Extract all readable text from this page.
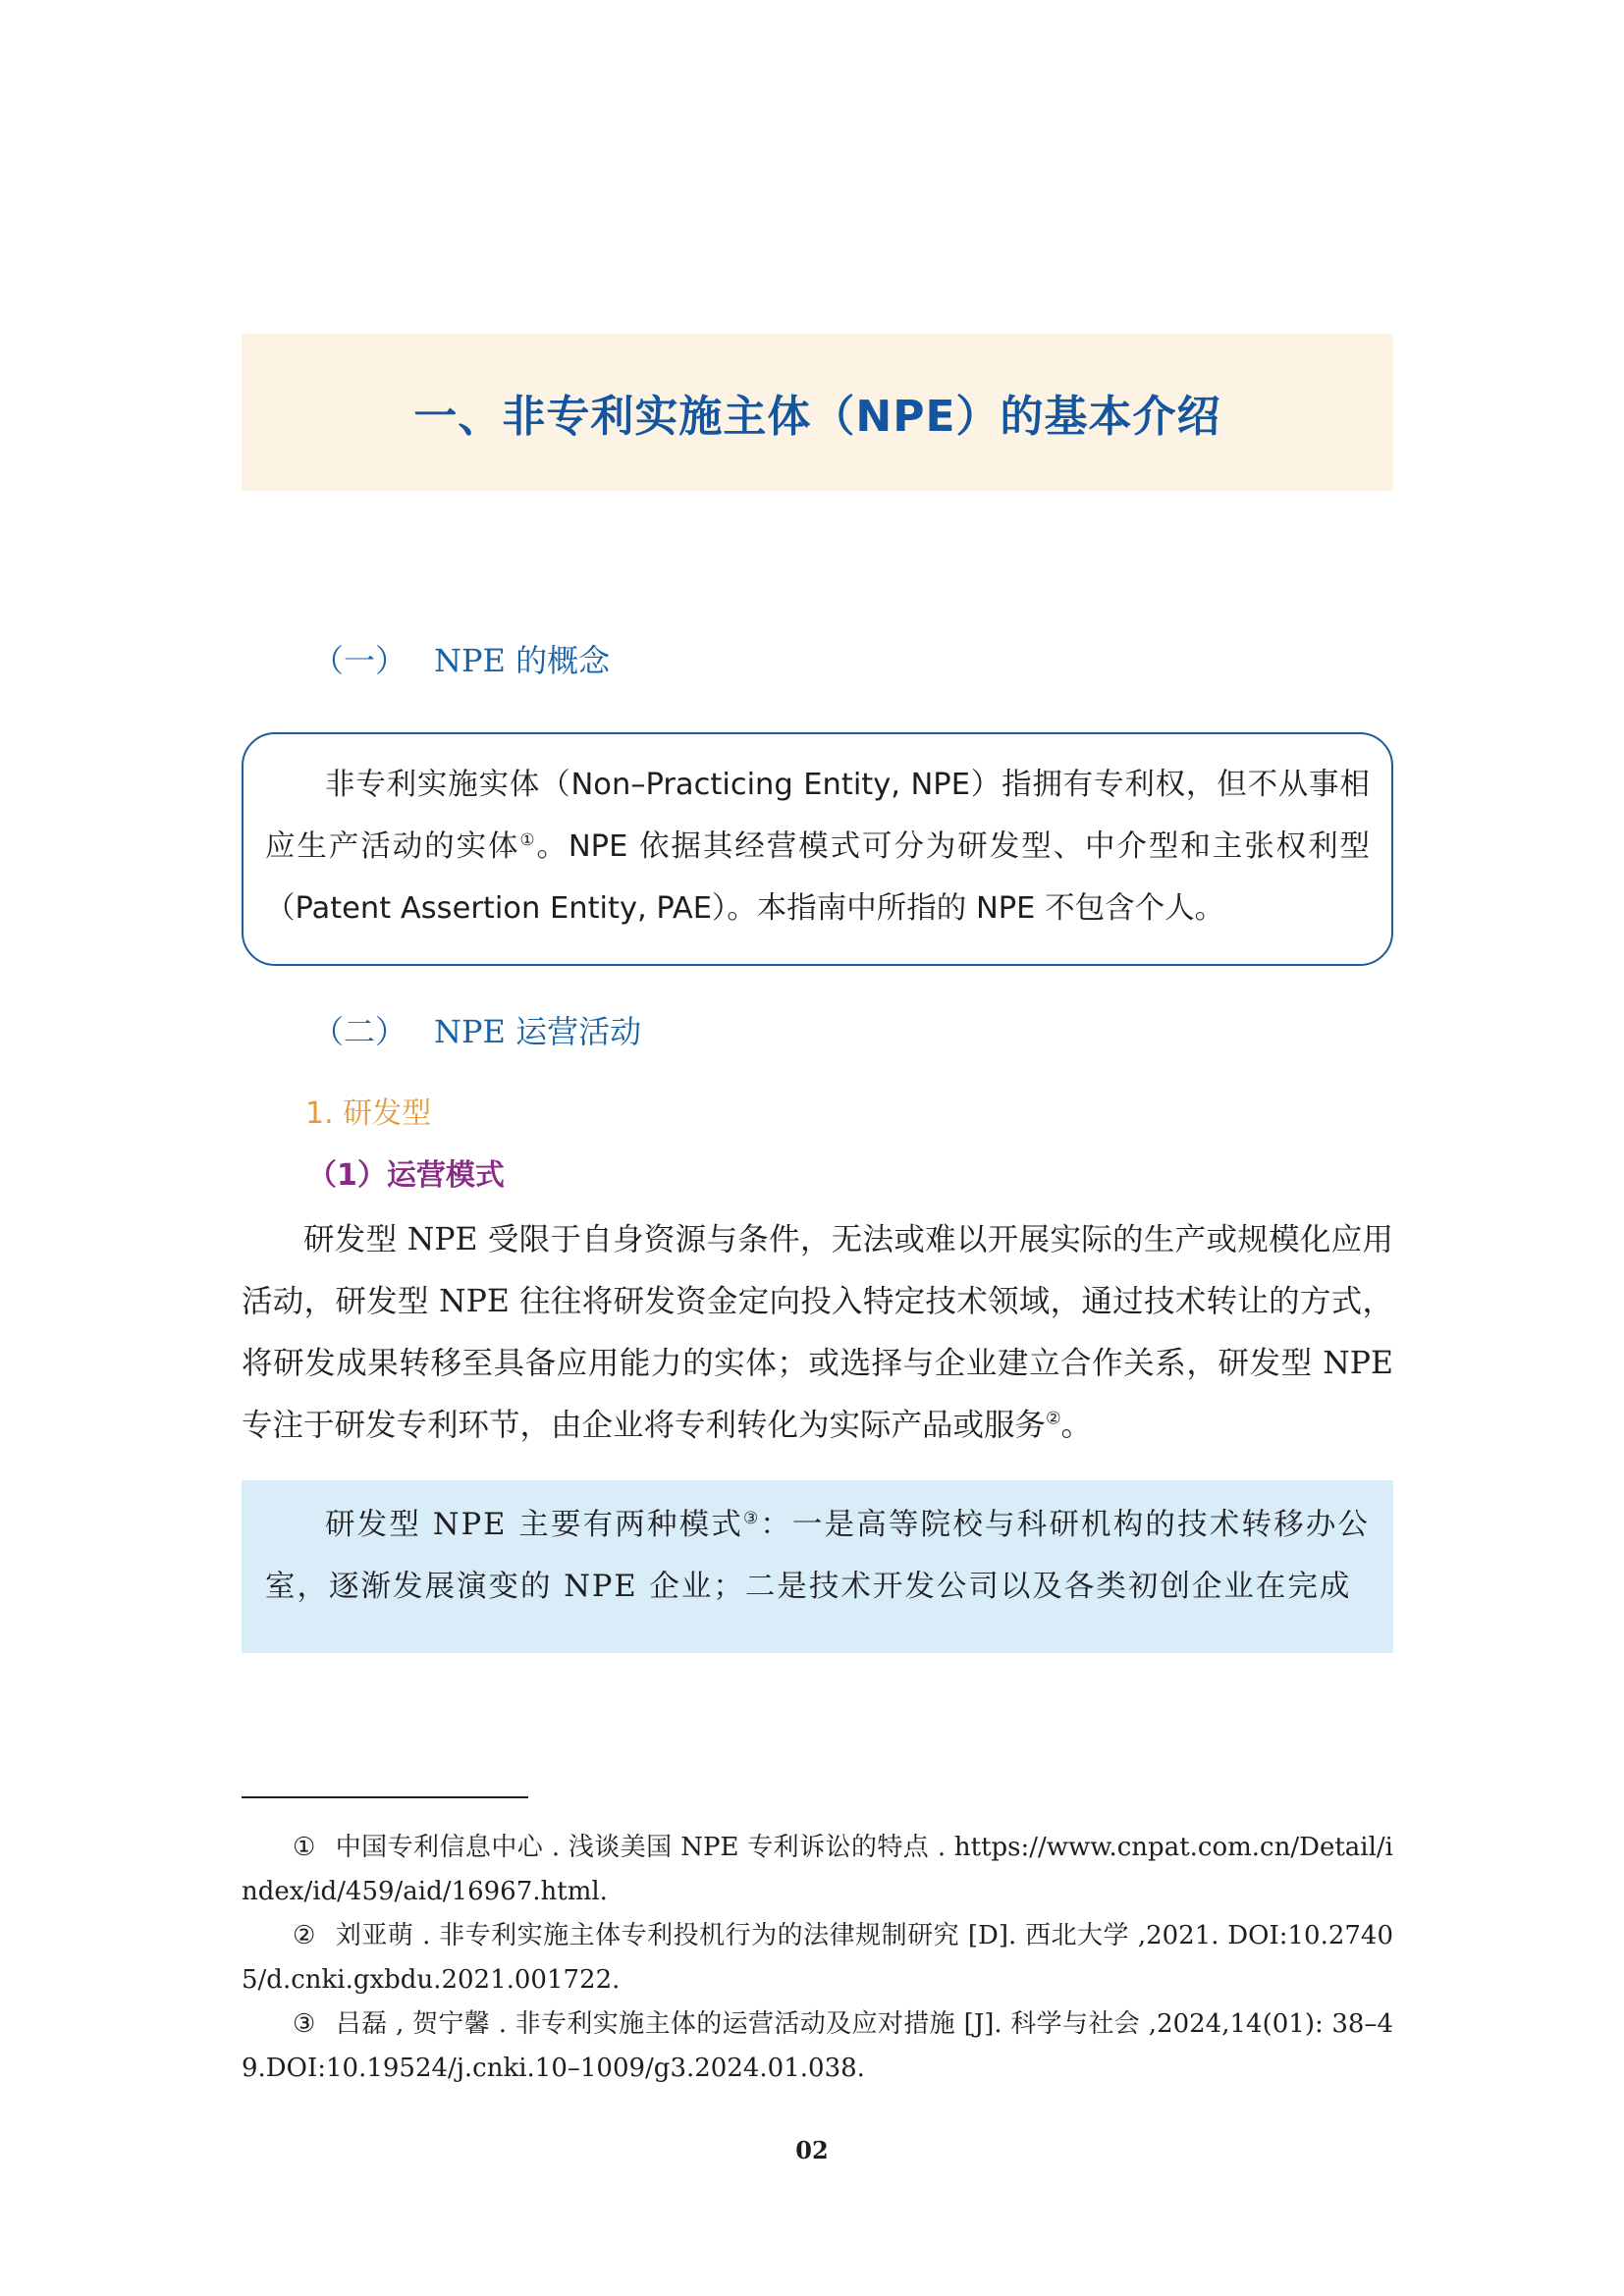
一、非专利实施主体（NPE）的基本介绍
（一） NPE 的概念

非专利实施实体（Non–Practicing Entity, NPE）指拥有专利权，但不从事相应生产活动的实体①。NPE 依据其经营模式可分为研发型、中介型和主张权利型（Patent Assertion Entity, PAE）。本指南中所指的 NPE 不包含个人。

（二） NPE 运营活动
1. 研发型
（1）运营模式

研发型 NPE 受限于自身资源与条件，无法或难以开展实际的生产或规模化应用活动，研发型 NPE 往往将研发资金定向投入特定技术领域，通过技术转让的方式，将研发成果转移至具备应用能力的实体；或选择与企业建立合作关系，研发型 NPE 专注于研发专利环节，由企业将专利转化为实际产品或服务②。

研发型 NPE 主要有两种模式③：一是高等院校与科研机构的技术转移办公室，逐渐发展演变的 NPE 企业；二是技术开发公司以及各类初创企业在完成

① 中国专利信息中心 . 浅谈美国 NPE 专利诉讼的特点 . https://www.cnpat.com.cn/Detail/index/id/459/aid/16967.html.
② 刘亚萌 . 非专利实施主体专利投机行为的法律规制研究 [D]. 西北大学 ,2021. DOI:10.27405/d.cnki.gxbdu.2021.001722.
③ 吕磊 , 贺宁馨 . 非专利实施主体的运营活动及应对措施 [J]. 科学与社会 ,2024,14(01): 38–49.DOI:10.19524/j.cnki.10–1009/g3.2024.01.038.
02
